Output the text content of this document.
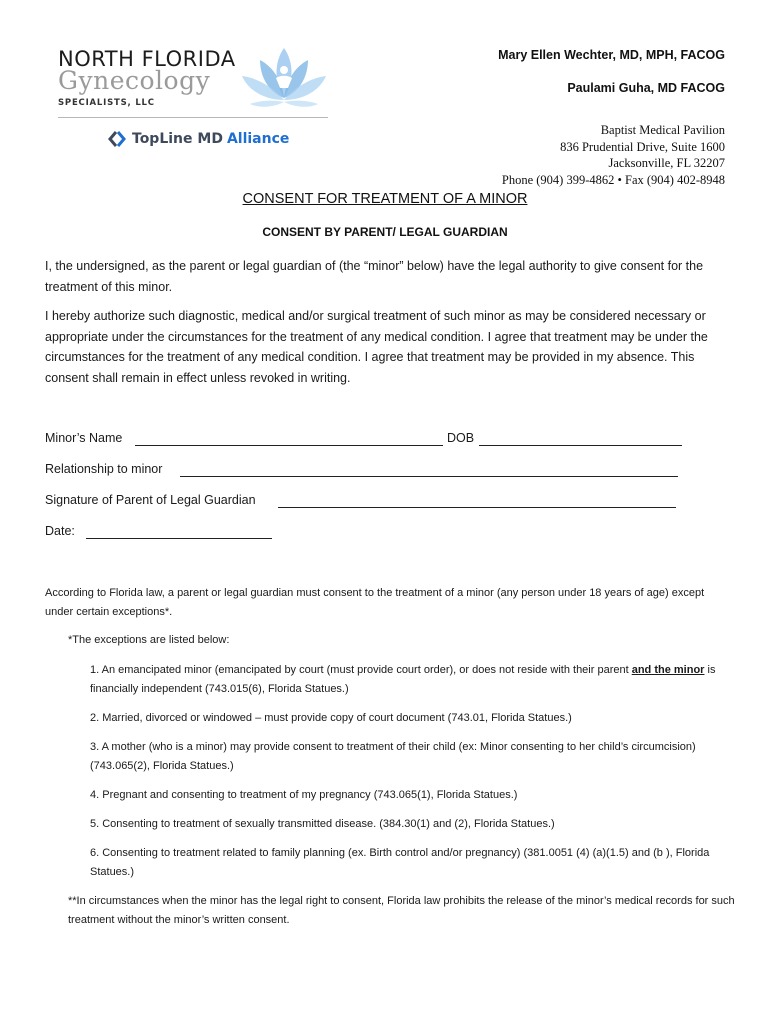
NORTH FLORIDA
Gynecology
SPECIALISTS, LLC
TopLine MD Alliance
Mary Ellen Wechter, MD, MPH, FACOG
Paulami Guha, MD FACOG
Baptist Medical Pavilion
836 Prudential Drive, Suite 1600
Jacksonville, FL 32207
Phone (904) 399-4862 • Fax (904) 402-8948
CONSENT FOR TREATMENT OF A MINOR
CONSENT BY PARENT/ LEGAL GUARDIAN
I, the undersigned, as the parent or legal guardian of (the “minor” below) have the legal authority to give consent for the treatment of this minor.
I hereby authorize such diagnostic, medical and/or surgical treatment of such minor as may be considered necessary or appropriate under the circumstances for the treatment of any medical condition. I agree that treatment may be under the circumstances for the treatment of any medical condition. I agree that treatment may be provided in my absence. This consent shall remain in effect unless revoked in writing.
Minor’s Name	DOB
Relationship to minor
Signature of Parent of Legal Guardian
Date:
According to Florida law, a parent or legal guardian must consent to the treatment of a minor (any person under 18 years of age) except under certain exceptions*.
*The exceptions are listed below:
1. An emancipated minor (emancipated by court (must provide court order), or does not reside with their parent and the minor is financially independent (743.015(6), Florida Statues.)
2. Married, divorced or windowed – must provide copy of court document (743.01, Florida Statues.)
3. A mother (who is a minor) may provide consent to treatment of their child (ex: Minor consenting to her child’s circumcision) (743.065(2), Florida Statues.)
4. Pregnant and consenting to treatment of my pregnancy (743.065(1), Florida Statues.)
5. Consenting to treatment of sexually transmitted disease. (384.30(1) and (2), Florida Statues.)
6. Consenting to treatment related to family planning (ex. Birth control and/or pregnancy) (381.0051 (4) (a)(1.5) and (b ), Florida Statues.)
**In circumstances when the minor has the legal right to consent, Florida law prohibits the release of the minor’s medical records for such treatment without the minor’s written consent.
